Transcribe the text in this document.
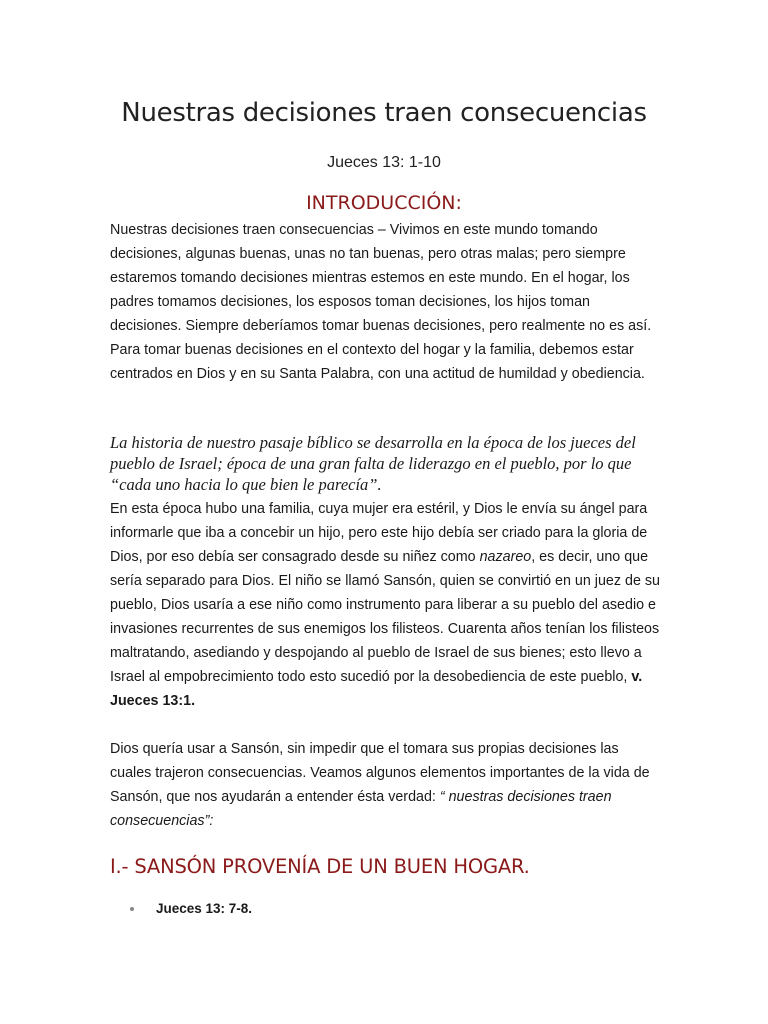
Nuestras decisiones traen consecuencias
Jueces 13: 1-10
INTRODUCCIÓN:

Nuestras decisiones traen consecuencias – Vivimos en este mundo tomando decisiones, algunas buenas, unas no tan buenas, pero otras malas; pero siempre estaremos tomando decisiones mientras estemos en este mundo. En el hogar, los padres tomamos decisiones, los esposos toman decisiones, los hijos toman decisiones. Siempre deberíamos tomar buenas decisiones, pero realmente no es así. Para tomar buenas decisiones en el contexto del hogar y la familia, debemos estar centrados en Dios y en su Santa Palabra, con una actitud de humildad y obediencia.

La historia de nuestro pasaje bíblico se desarrolla en la época de los jueces del pueblo de Israel; época de una gran falta de liderazgo en el pueblo, por lo que “cada uno hacia lo que bien le parecía”.

En esta época hubo una familia, cuya mujer era estéril, y Dios le envía su ángel para informarle que iba a concebir un hijo, pero este hijo debía ser criado para la gloria de Dios, por eso debía ser consagrado desde su niñez como nazareo, es decir, uno que sería separado para Dios. El niño se llamó Sansón, quien se convirtió en un juez de su pueblo, Dios usaría a ese niño como instrumento para liberar a su pueblo del asedio e invasiones recurrentes de sus enemigos los filisteos. Cuarenta años tenían los filisteos maltratando, asediando y despojando al pueblo de Israel de sus bienes; esto llevo a Israel al empobrecimiento todo esto sucedió por la desobediencia de este pueblo, v. Jueces 13:1.

Dios quería usar a Sansón, sin impedir que el tomara sus propias decisiones las cuales trajeron consecuencias. Veamos algunos elementos importantes de la vida de Sansón, que nos ayudarán a entender ésta verdad: “ nuestras decisiones traen consecuencias”:

I.- SANSÓN PROVENÍA DE UN BUEN HOGAR.
Jueces 13: 7-8.
